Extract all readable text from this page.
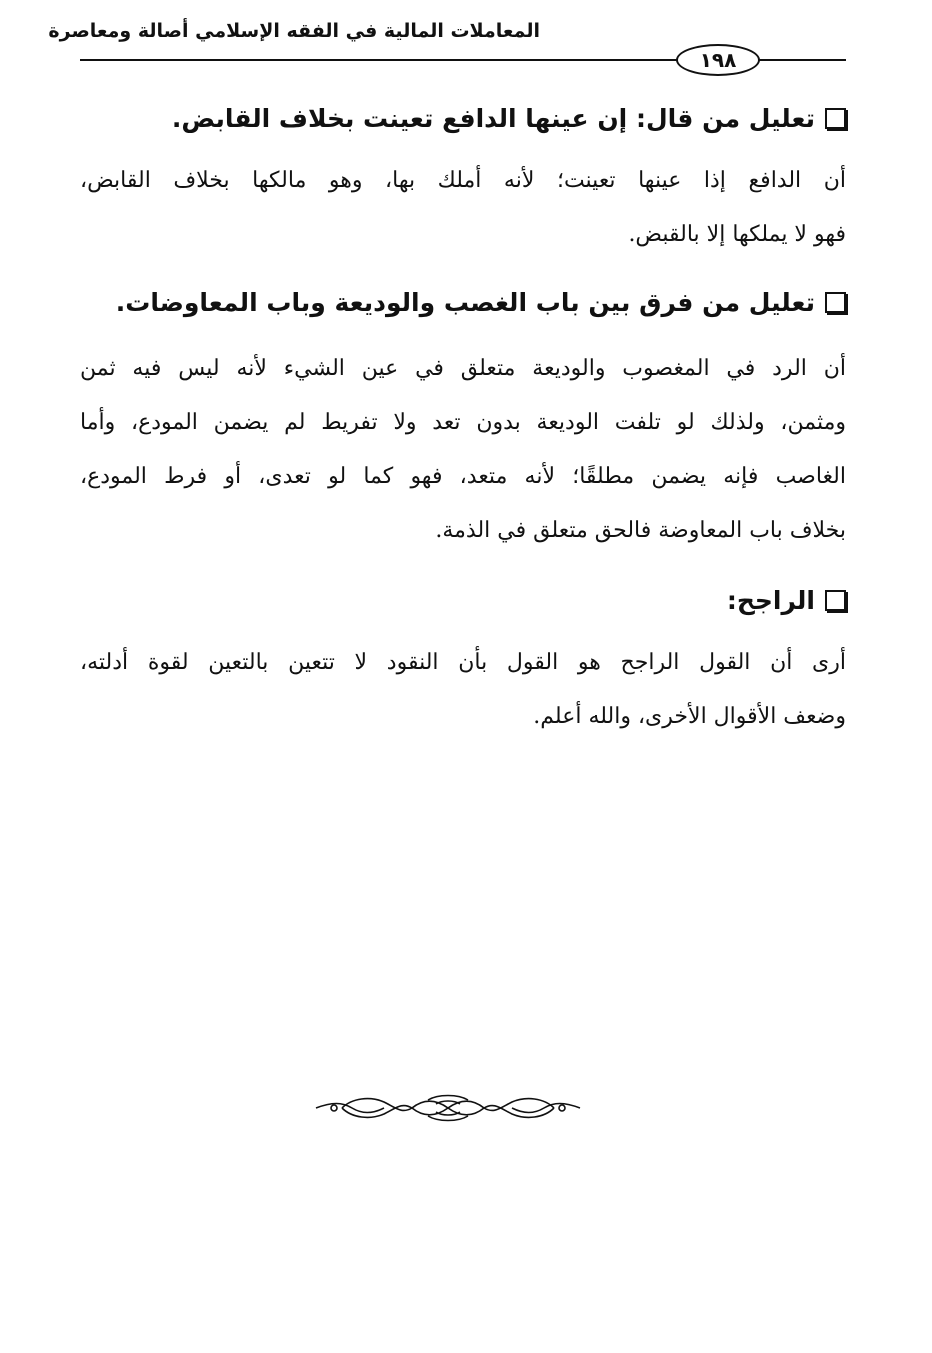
المعاملات المالية في الفقه الإسلامي أصالة ومعاصرة
١٩٨
تعليل من قال: إن عينها الدافع تعينت بخلاف القابض.
أن الدافع إذا عينها تعينت؛ لأنه أملك بها، وهو مالكها بخلاف القابض،
فهو لا يملكها إلا بالقبض.
تعليل من فرق بين باب الغصب والوديعة وباب المعاوضات.
أن الرد في المغصوب والوديعة متعلق في عين الشيء لأنه ليس فيه ثمن
ومثمن، ولذلك لو تلفت الوديعة بدون تعد ولا تفريط لم يضمن المودع، وأما
الغاصب فإنه يضمن مطلقًا؛ لأنه متعد، فهو كما لو تعدى، أو فرط المودع،
بخلاف باب المعاوضة فالحق متعلق في الذمة.
الراجح:
أرى أن القول الراجح هو القول بأن النقود لا تتعين بالتعين لقوة أدلته،
وضعف الأقوال الأخرى، والله أعلم.
